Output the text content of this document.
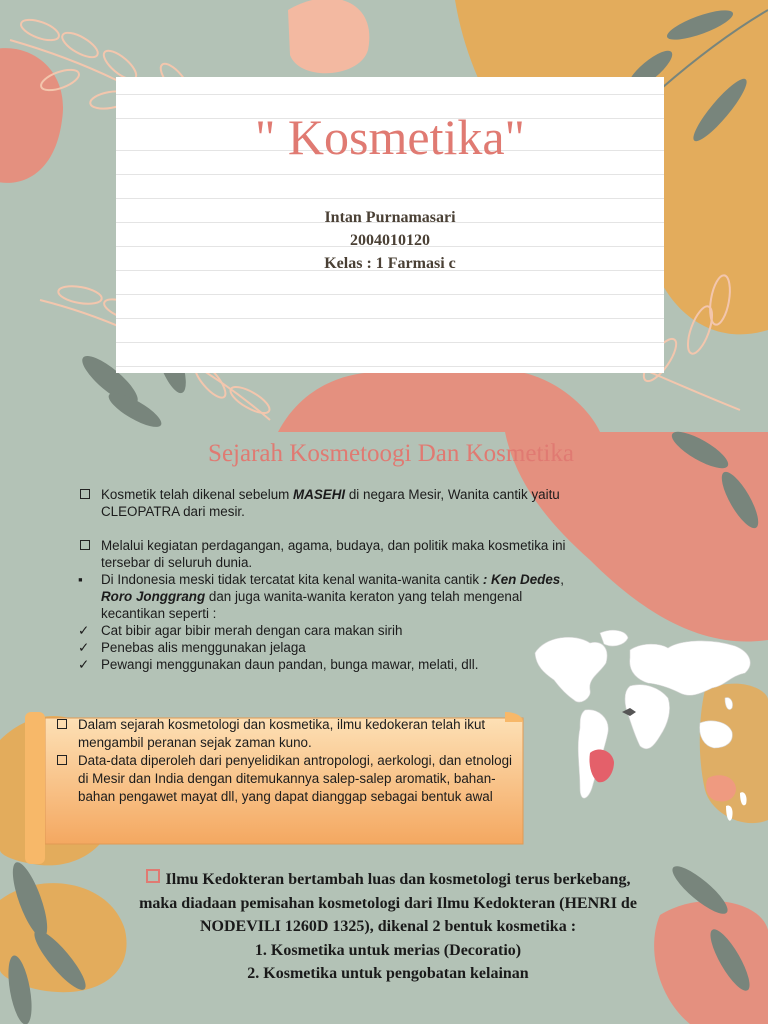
" Kosmetika"
Intan Purnamasari
2004010120
Kelas : 1 Farmasi c
Sejarah Kosmetoogi Dan Kosmetika
Kosmetik telah dikenal sebelum MASEHI di negara Mesir, Wanita cantik yaitu CLEOPATRA dari mesir.
Melalui kegiatan perdagangan, agama, budaya, dan politik maka kosmetika ini tersebar di seluruh dunia.
▪	Di Indonesia meski tidak tercatat kita kenal wanita-wanita cantik : Ken Dedes, Roro Jonggrang dan juga wanita-wanita keraton yang telah mengenal kecantikan seperti :
✓ Cat bibir agar bibir merah dengan cara makan sirih
✓ Penebas alis menggunakan jelaga
✓ Pewangi menggunakan daun pandan, bunga mawar, melati, dll.
Dalam sejarah kosmetologi dan kosmetika, ilmu kedokeran telah ikut mengambil peranan sejak zaman kuno.
Data-data diperoleh dari penyelidikan antropologi, aerkologi, dan etnologi di Mesir dan India dengan ditemukannya salep-salep aromatik, bahan-bahan pengawet mayat dll, yang dapat dianggap sebagai bentuk awal
Ilmu Kedokteran bertambah luas dan kosmetologi terus berkebang,
maka diadaan pemisahan kosmetologi dari Ilmu Kedokteran (HENRI de
NODEVILI 1260D 1325), dikenal 2 bentuk kosmetika :
1. Kosmetika untuk merias (Decoratio)
2. Kosmetika untuk pengobatan kelainan
